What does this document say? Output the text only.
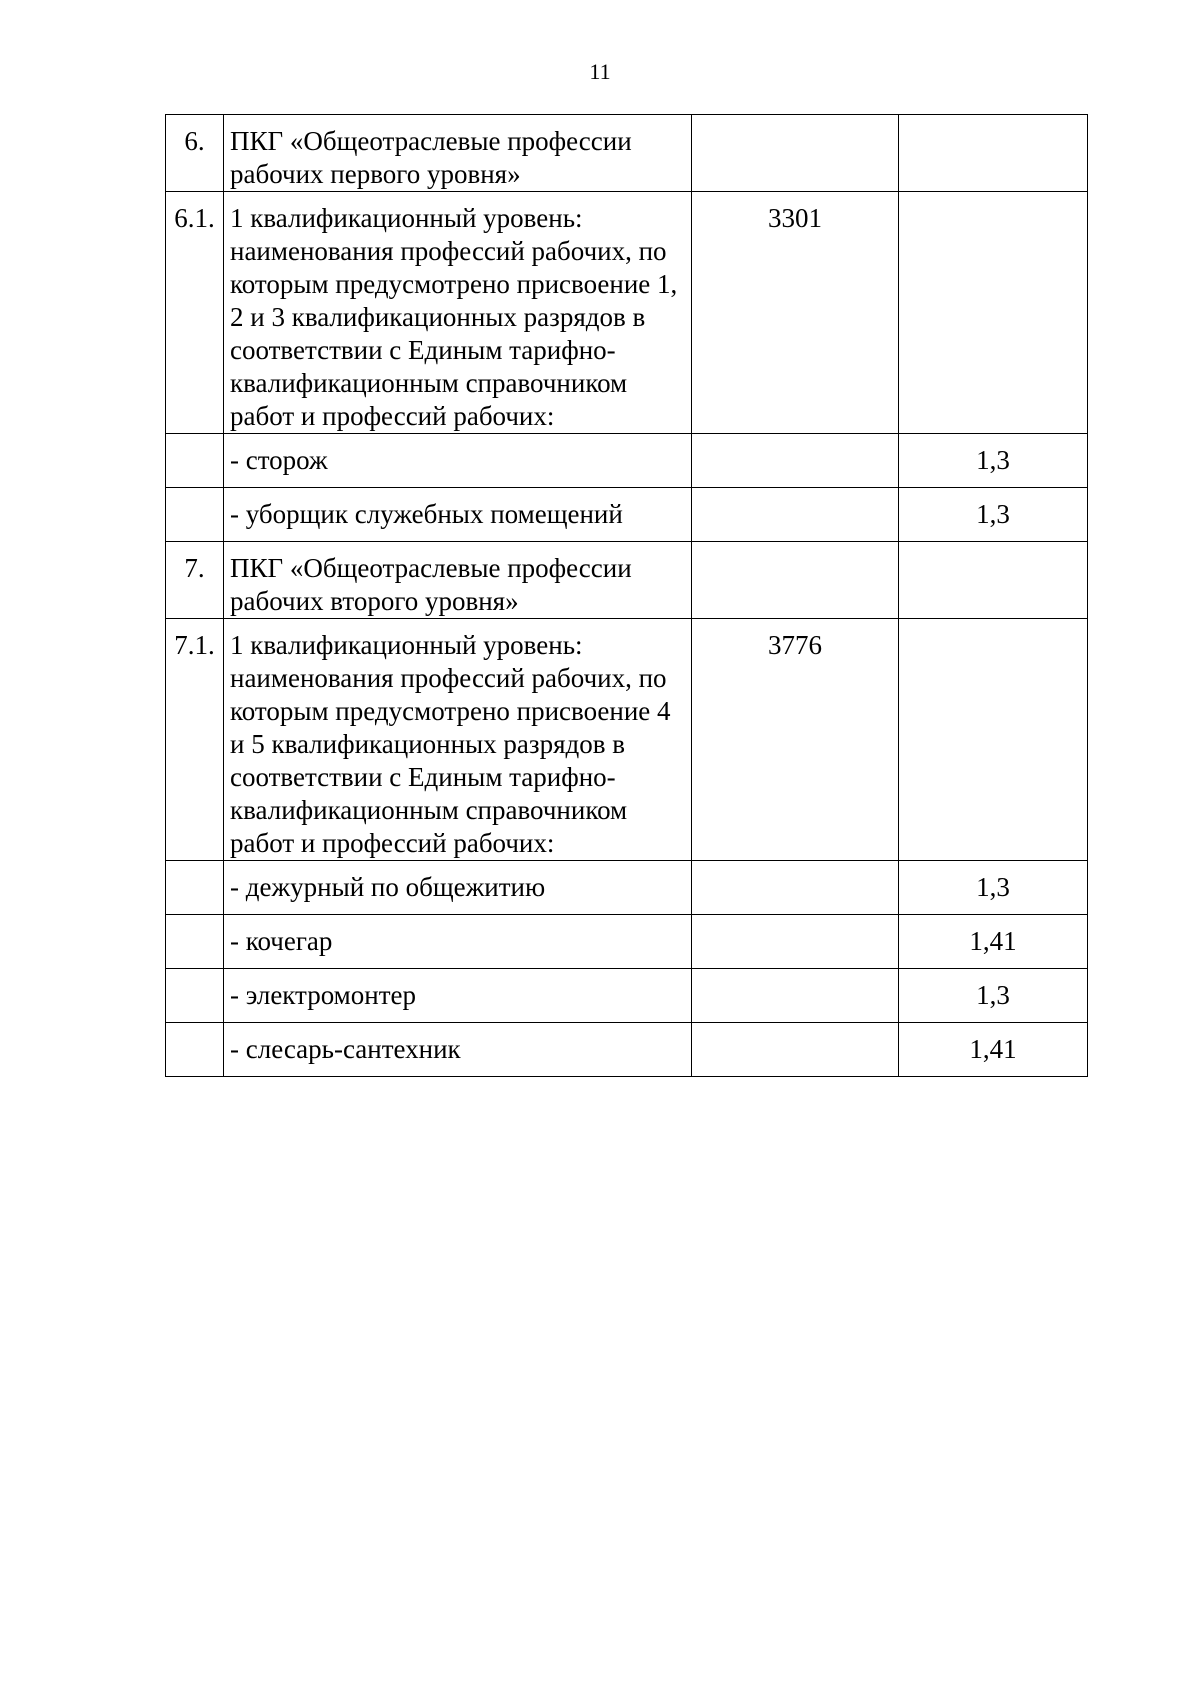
11
6.	ПКГ «Общеотраслевые профессии рабочих первого уровня»		
6.1.	1 квалификационный уровень: наименования профессий рабочих, по которым предусмотрено присвоение 1, 2 и 3 квалификационных разрядов в соответствии с Единым тарифно-квалификационным справочником работ и профессий рабочих:	3301	
	- сторож		1,3
	- уборщик служебных помещений		1,3
7.	ПКГ «Общеотраслевые профессии рабочих второго уровня»		
7.1.	1 квалификационный уровень: наименования профессий рабочих, по которым предусмотрено присвоение 4 и 5 квалификационных разрядов в соответствии с Единым тарифно-квалификационным справочником работ и профессий рабочих:	3776	
	- дежурный по общежитию		1,3
	- кочегар		1,41
	- электромонтер		1,3
	- слесарь-сантехник		1,41
